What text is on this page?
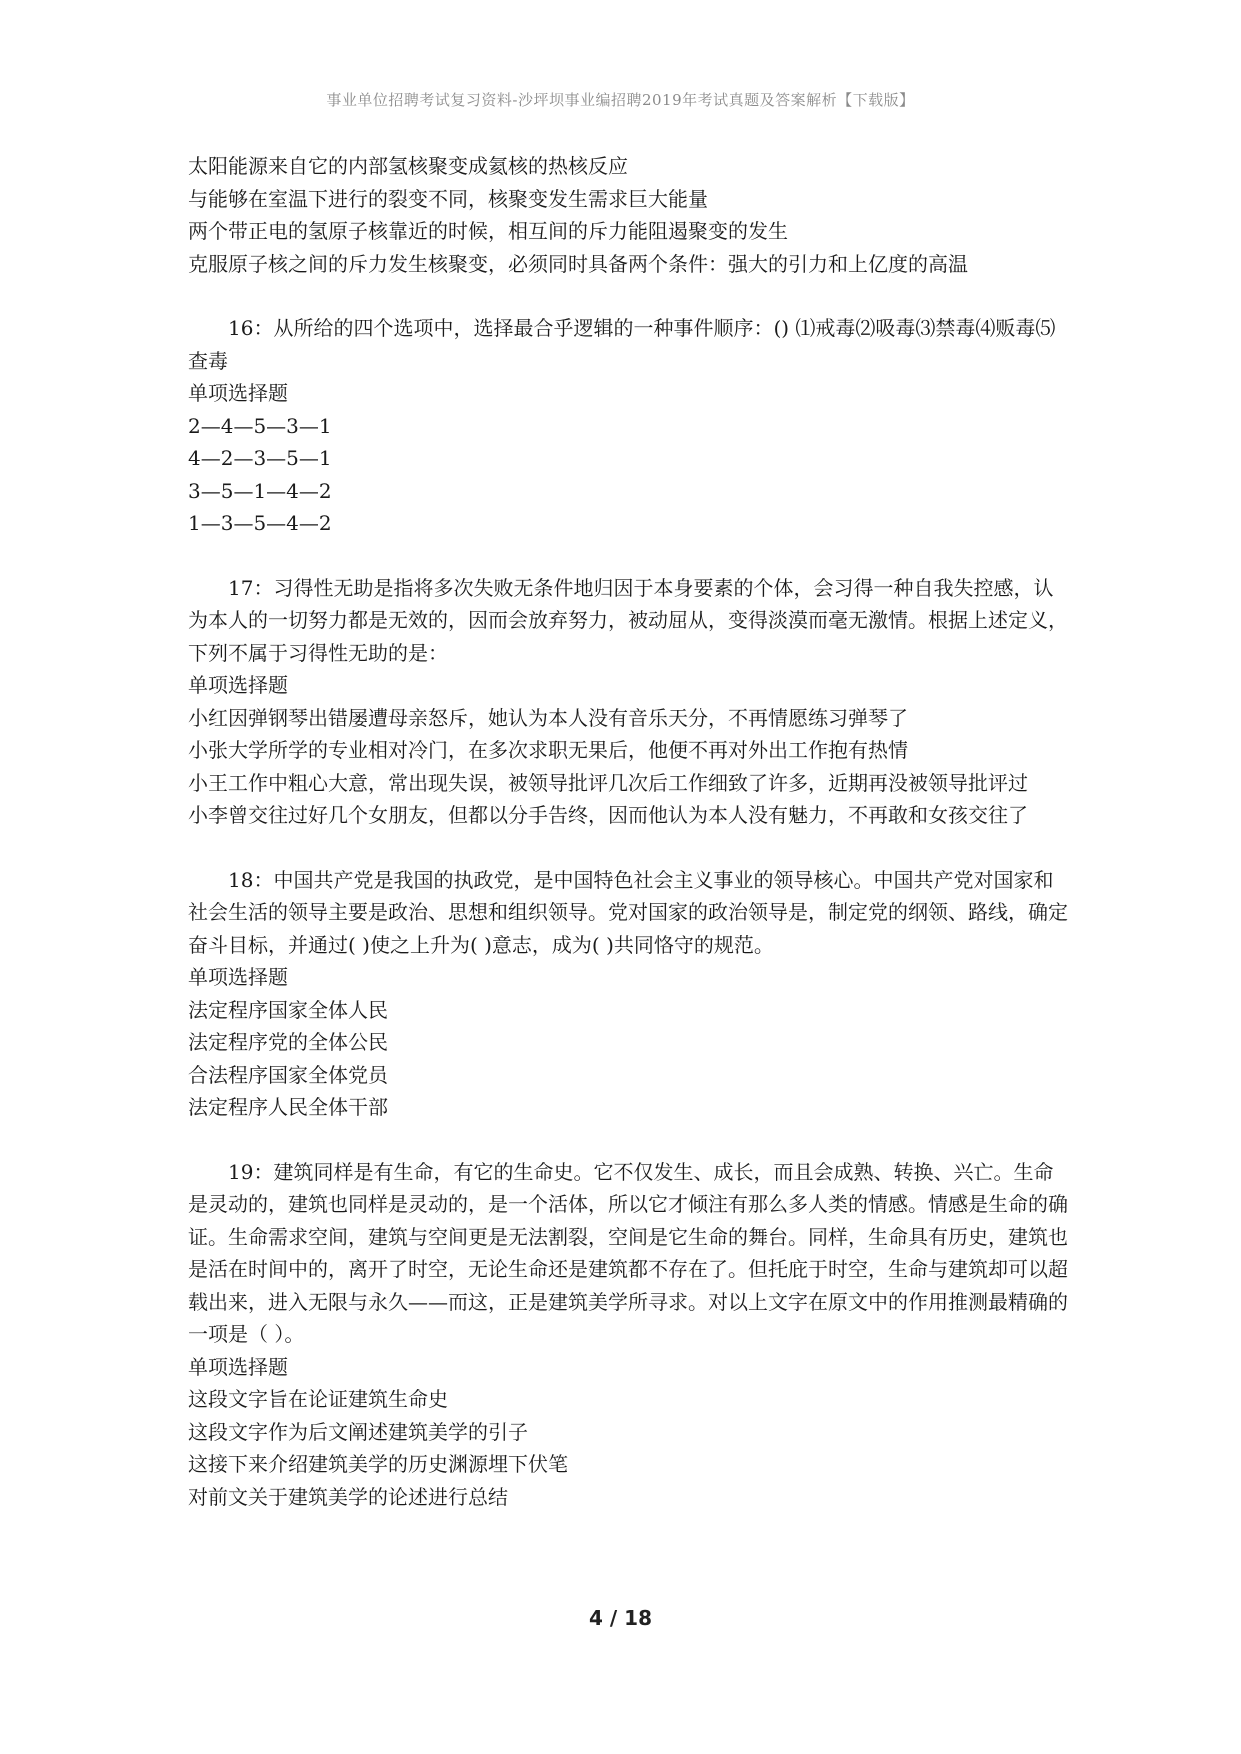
事业单位招聘考试复习资料-沙坪坝事业编招聘2019年考试真题及答案解析【下载版】

太阳能源来自它的内部氢核聚变成氦核的热核反应

与能够在室温下进行的裂变不同，核聚变发生需求巨大能量

两个带正电的氢原子核靠近的时候，相互间的斥力能阻遏聚变的发生

克服原子核之间的斥力发生核聚变，必须同时具备两个条件：强大的引力和上亿度的高温

16：从所给的四个选项中，选择最合乎逻辑的一种事件顺序：() ⑴戒毒⑵吸毒⑶禁毒⑷贩毒⑸查毒

单项选择题

2—4—5—3—1

4—2—3—5—1

3—5—1—4—2

1—3—5—4—2

17：习得性无助是指将多次失败无条件地归因于本身要素的个体，会习得一种自我失控感，认为本人的一切努力都是无效的，因而会放弃努力，被动屈从，变得淡漠而毫无激情。根据上述定义，下列不属于习得性无助的是：

单项选择题

小红因弹钢琴出错屡遭母亲怒斥，她认为本人没有音乐天分，不再情愿练习弹琴了

小张大学所学的专业相对冷门，在多次求职无果后，他便不再对外出工作抱有热情

小王工作中粗心大意，常出现失误，被领导批评几次后工作细致了许多，近期再没被领导批评过

小李曾交往过好几个女朋友，但都以分手告终，因而他认为本人没有魅力，不再敢和女孩交往了

18：中国共产党是我国的执政党，是中国特色社会主义事业的领导核心。中国共产党对国家和社会生活的领导主要是政治、思想和组织领导。党对国家的政治领导是，制定党的纲领、路线，确定奋斗目标，并通过( )使之上升为( )意志，成为( )共同恪守的规范。

单项选择题

法定程序国家全体人民

法定程序党的全体公民

合法程序国家全体党员

法定程序人民全体干部

19：建筑同样是有生命，有它的生命史。它不仅发生、成长，而且会成熟、转换、兴亡。生命是灵动的，建筑也同样是灵动的，是一个活体，所以它才倾注有那么多人类的情感。情感是生命的确证。生命需求空间，建筑与空间更是无法割裂，空间是它生命的舞台。同样，生命具有历史，建筑也是活在时间中的，离开了时空，无论生命还是建筑都不存在了。但托庇于时空，生命与建筑却可以超载出来，进入无限与永久——而这，正是建筑美学所寻求。对以上文字在原文中的作用推测最精确的一项是（ ）。

单项选择题

这段文字旨在论证建筑生命史

这段文字作为后文阐述建筑美学的引子

这接下来介绍建筑美学的历史渊源埋下伏笔

对前文关于建筑美学的论述进行总结

4 / 18
